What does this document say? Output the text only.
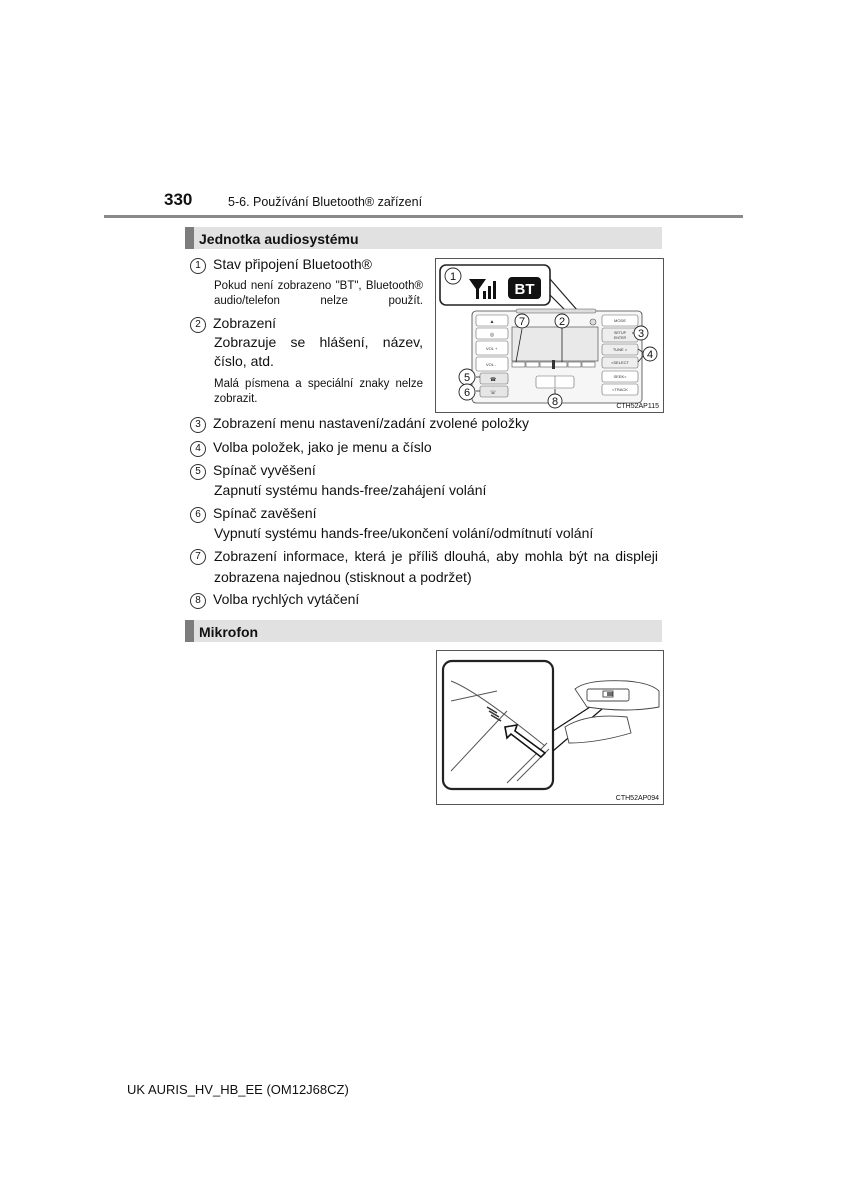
330	5-6. Používání Bluetooth® zařízení
Jednotka audiosystému
1 Stav připojení Bluetooth®
Pokud není zobrazeno "BT", Bluetooth® audio/telefon nelze použít.
2 Zobrazení
Zobrazuje se hlášení, název, číslo, atd.
Malá písmena a speciální znaky nelze zobrazit.
BT
▲
◎
VOL +
VOL -
☎
☏
MODE
SETUP
ENTER
TUNE >
<SELECT
SEEK>
<TRACK
1
2
3
4
5
6
7
8	CTH52AP115
3 Zobrazení menu nastavení/zadání zvolené položky
4 Volba položek, jako je menu a číslo
5 Spínač vyvěšení
Zapnutí systému hands-free/zahájení volání
6 Spínač zavěšení
Vypnutí systému hands-free/ukončení volání/odmítnutí volání
7 Zobrazení informace, která je příliš dlouhá, aby mohla být na displeji zobrazena najednou (stisknout a podržet)
8 Volba rychlých vytáčení
Mikrofon
CTH52AP094
UK AURIS_HV_HB_EE (OM12J68CZ)
